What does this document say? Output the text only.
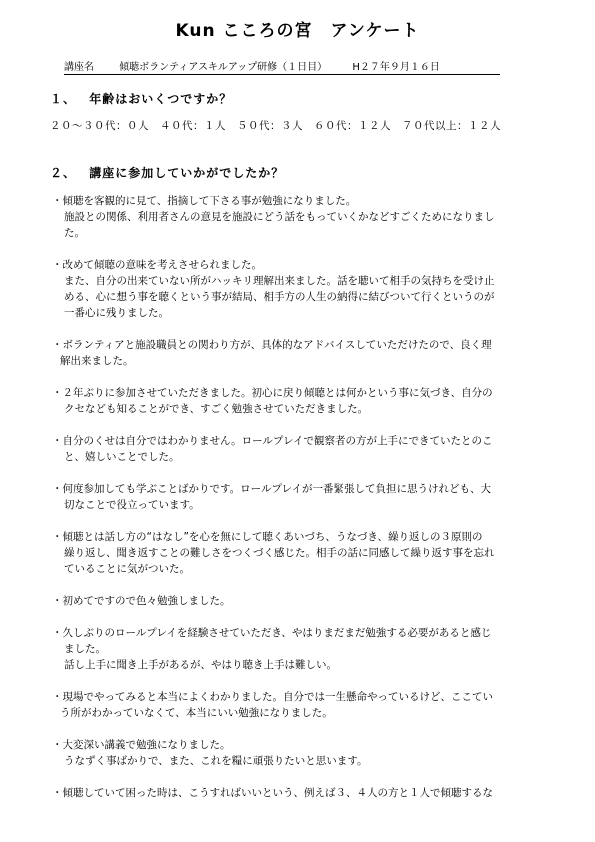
Kun こころの宮　アンケート
講座名	傾聴ボランティアスキルアップ研修（１日目）	H２７年９月１６日
１、 年齢はおいくつですか？
２０～３０代：０人　４０代：１人　５０代：３人　６０代：１２人　７０代以上：１２人
２、 講座に参加していかがでしたか？
・傾聴を客観的に見て、指摘して下さる事が勉強になりました。
施設との関係、利用者さんの意見を施設にどう話をもっていくかなどすごくためになりまし
た。
・改めて傾聴の意味を考えさせられました。
また、自分の出来ていない所がハッキリ理解出来ました。話を聴いて相手の気持ちを受け止
める、心に想う事を聴くという事が結局、相手方の人生の納得に結びついて行くというのが
一番心に残りました。
・ボランティアと施設職員との関わり方が、具体的なアドバイスしていただけたので、良く理
解出来ました。
・２年ぶりに参加させていただきました。初心に戻り傾聴とは何かという事に気づき、自分の
クセなども知ることができ、すごく勉強させていただきました。
・自分のくせは自分ではわかりません。ロールプレイで観察者の方が上手にできていたとのこ
と、嬉しいことでした。
・何度参加しても学ぶことばかりです。ロールプレイが一番緊張して負担に思うけれども、大
切なことで役立っています。
・傾聴とは話し方の“はなし”を心を無にして聴くあいづち、うなづき、繰り返しの３原則の
繰り返し、聞き返すことの難しさをつくづく感じた。相手の話に同感して繰り返す事を忘れ
ていることに気がついた。
・初めてですので色々勉強しました。
・久しぶりのロールプレイを経験させていただき、やはりまだまだ勉強する必要があると感じ
ました。
話し上手に聞き上手があるが、やはり聴き上手は難しい。
・現場でやってみると本当によくわかりました。自分では一生懸命やっているけど、ここてい
う所がわかっていなくて、本当にいい勉強になりました。
・大変深い講義で勉強になりました。
うなずく事ばかりで、また、これを糧に頑張りたいと思います。
・傾聴していて困った時は、こうすればいいという、例えば３、４人の方と１人で傾聴するな
